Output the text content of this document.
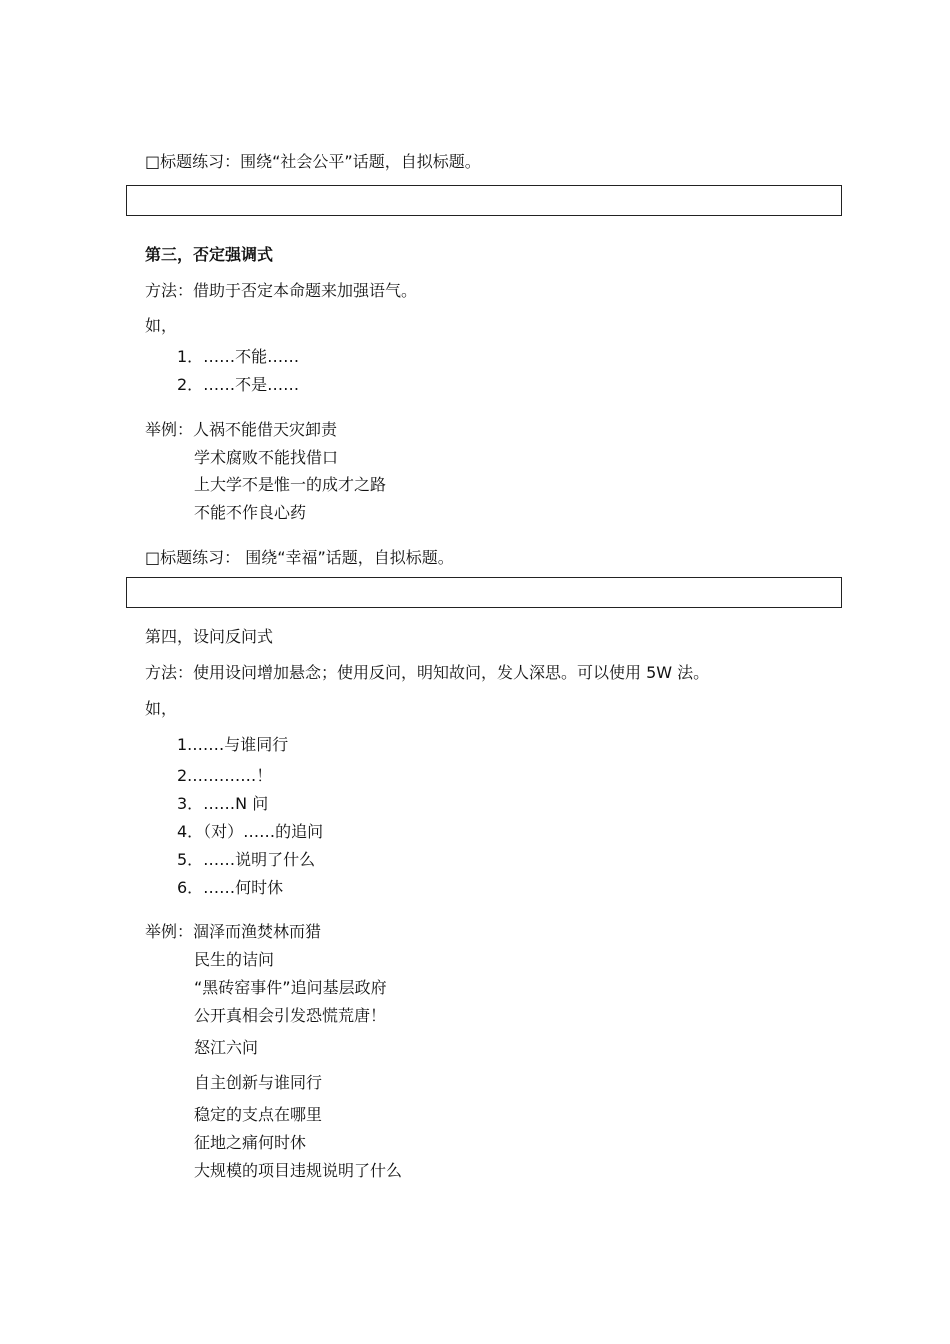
□标题练习：围绕“社会公平”话题，自拟标题。
第三，否定强调式
方法：借助于否定本命题来加强语气。
如，
1．……不能……
2．……不是……
举例：人祸不能借天灾卸责
学术腐败不能找借口
上大学不是惟一的成才之路
不能不作良心药
□标题练习： 围绕“幸福”话题，自拟标题。
第四，设问反问式
方法：使用设问增加悬念；使用反问，明知故问，发人深思。可以使用 5W 法。
如，
1.……与谁同行
2.…………！
3．……N 问
4．（对）……的追问
5．……说明了什么
6．……何时休
举例：涸泽而渔焚林而猎
民生的诘问
“黑砖窑事件”追问基层政府
公开真相会引发恐慌荒唐！
怒江六问
自主创新与谁同行
稳定的支点在哪里
征地之痛何时休
大规模的项目违规说明了什么
